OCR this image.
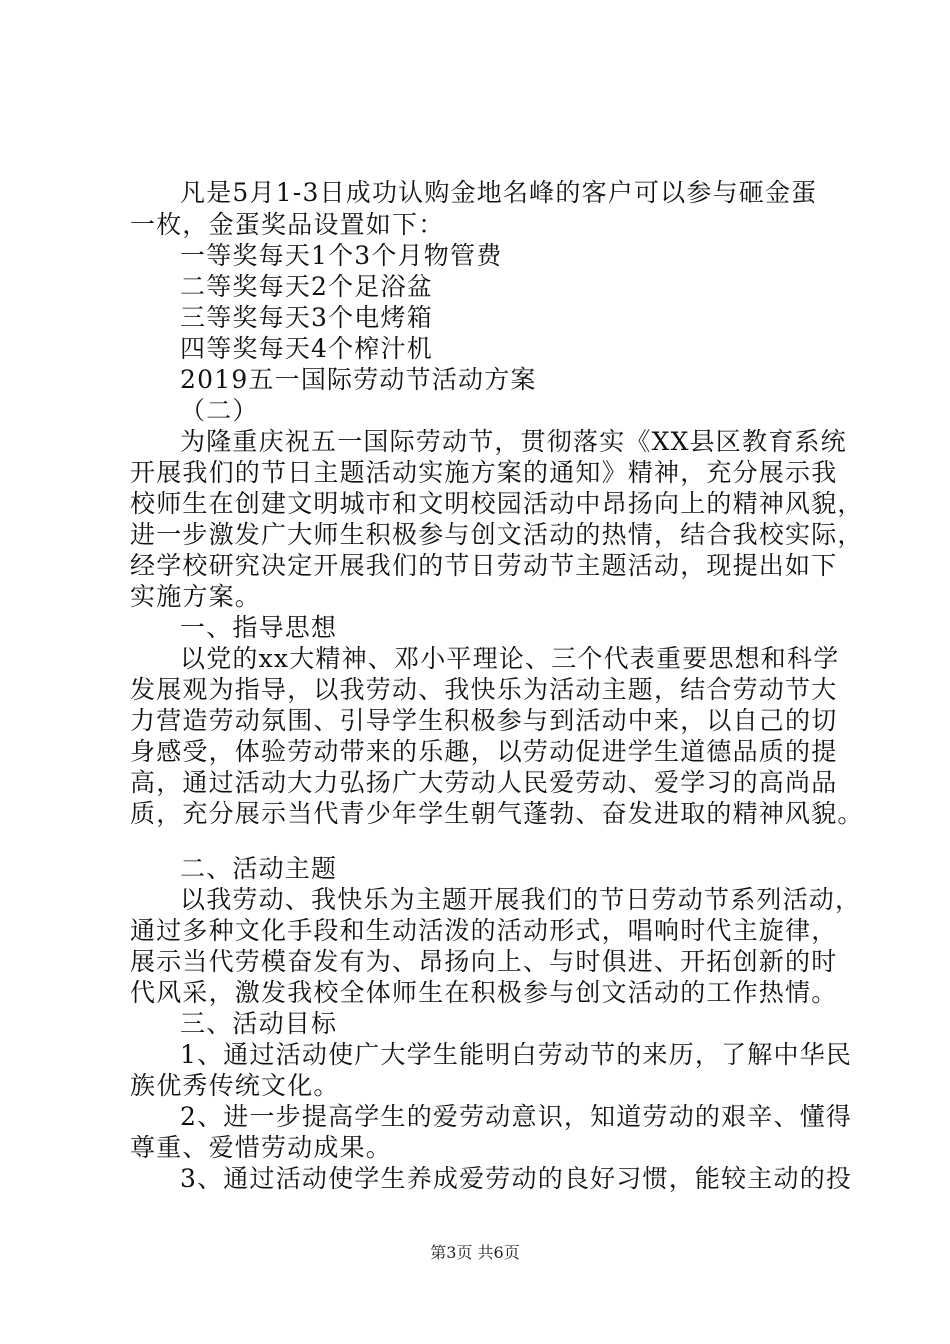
凡是5月1-3日成功认购金地名峰的客户可以参与砸金蛋
一枚，金蛋奖品设置如下：
一等奖每天1个3个月物管费
二等奖每天2个足浴盆
三等奖每天3个电烤箱
四等奖每天4个榨汁机
2019五一国际劳动节活动方案
（二）
为隆重庆祝五一国际劳动节，贯彻落实《XX县区教育系统
开展我们的节日主题活动实施方案的通知》精神，充分展示我
校师生在创建文明城市和文明校园活动中昂扬向上的精神风貌，
进一步激发广大师生积极参与创文活动的热情，结合我校实际，
经学校研究决定开展我们的节日劳动节主题活动，现提出如下
实施方案。
一、指导思想
以党的xx大精神、邓小平理论、三个代表重要思想和科学
发展观为指导，以我劳动、我快乐为活动主题，结合劳动节大
力营造劳动氛围、引导学生积极参与到活动中来，以自己的切
身感受，体验劳动带来的乐趣，以劳动促进学生道德品质的提
高，通过活动大力弘扬广大劳动人民爱劳动、爱学习的高尚品
质，充分展示当代青少年学生朝气蓬勃、奋发进取的精神风貌。
二、活动主题
以我劳动、我快乐为主题开展我们的节日劳动节系列活动，
通过多种文化手段和生动活泼的活动形式，唱响时代主旋律，
展示当代劳模奋发有为、昂扬向上、与时俱进、开拓创新的时
代风采，激发我校全体师生在积极参与创文活动的工作热情。
三、活动目标
1、通过活动使广大学生能明白劳动节的来历，了解中华民
族优秀传统文化。
2、进一步提高学生的爱劳动意识，知道劳动的艰辛、懂得
尊重、爱惜劳动成果。
3、通过活动使学生养成爱劳动的良好习惯，能较主动的投
第3页 共6页
